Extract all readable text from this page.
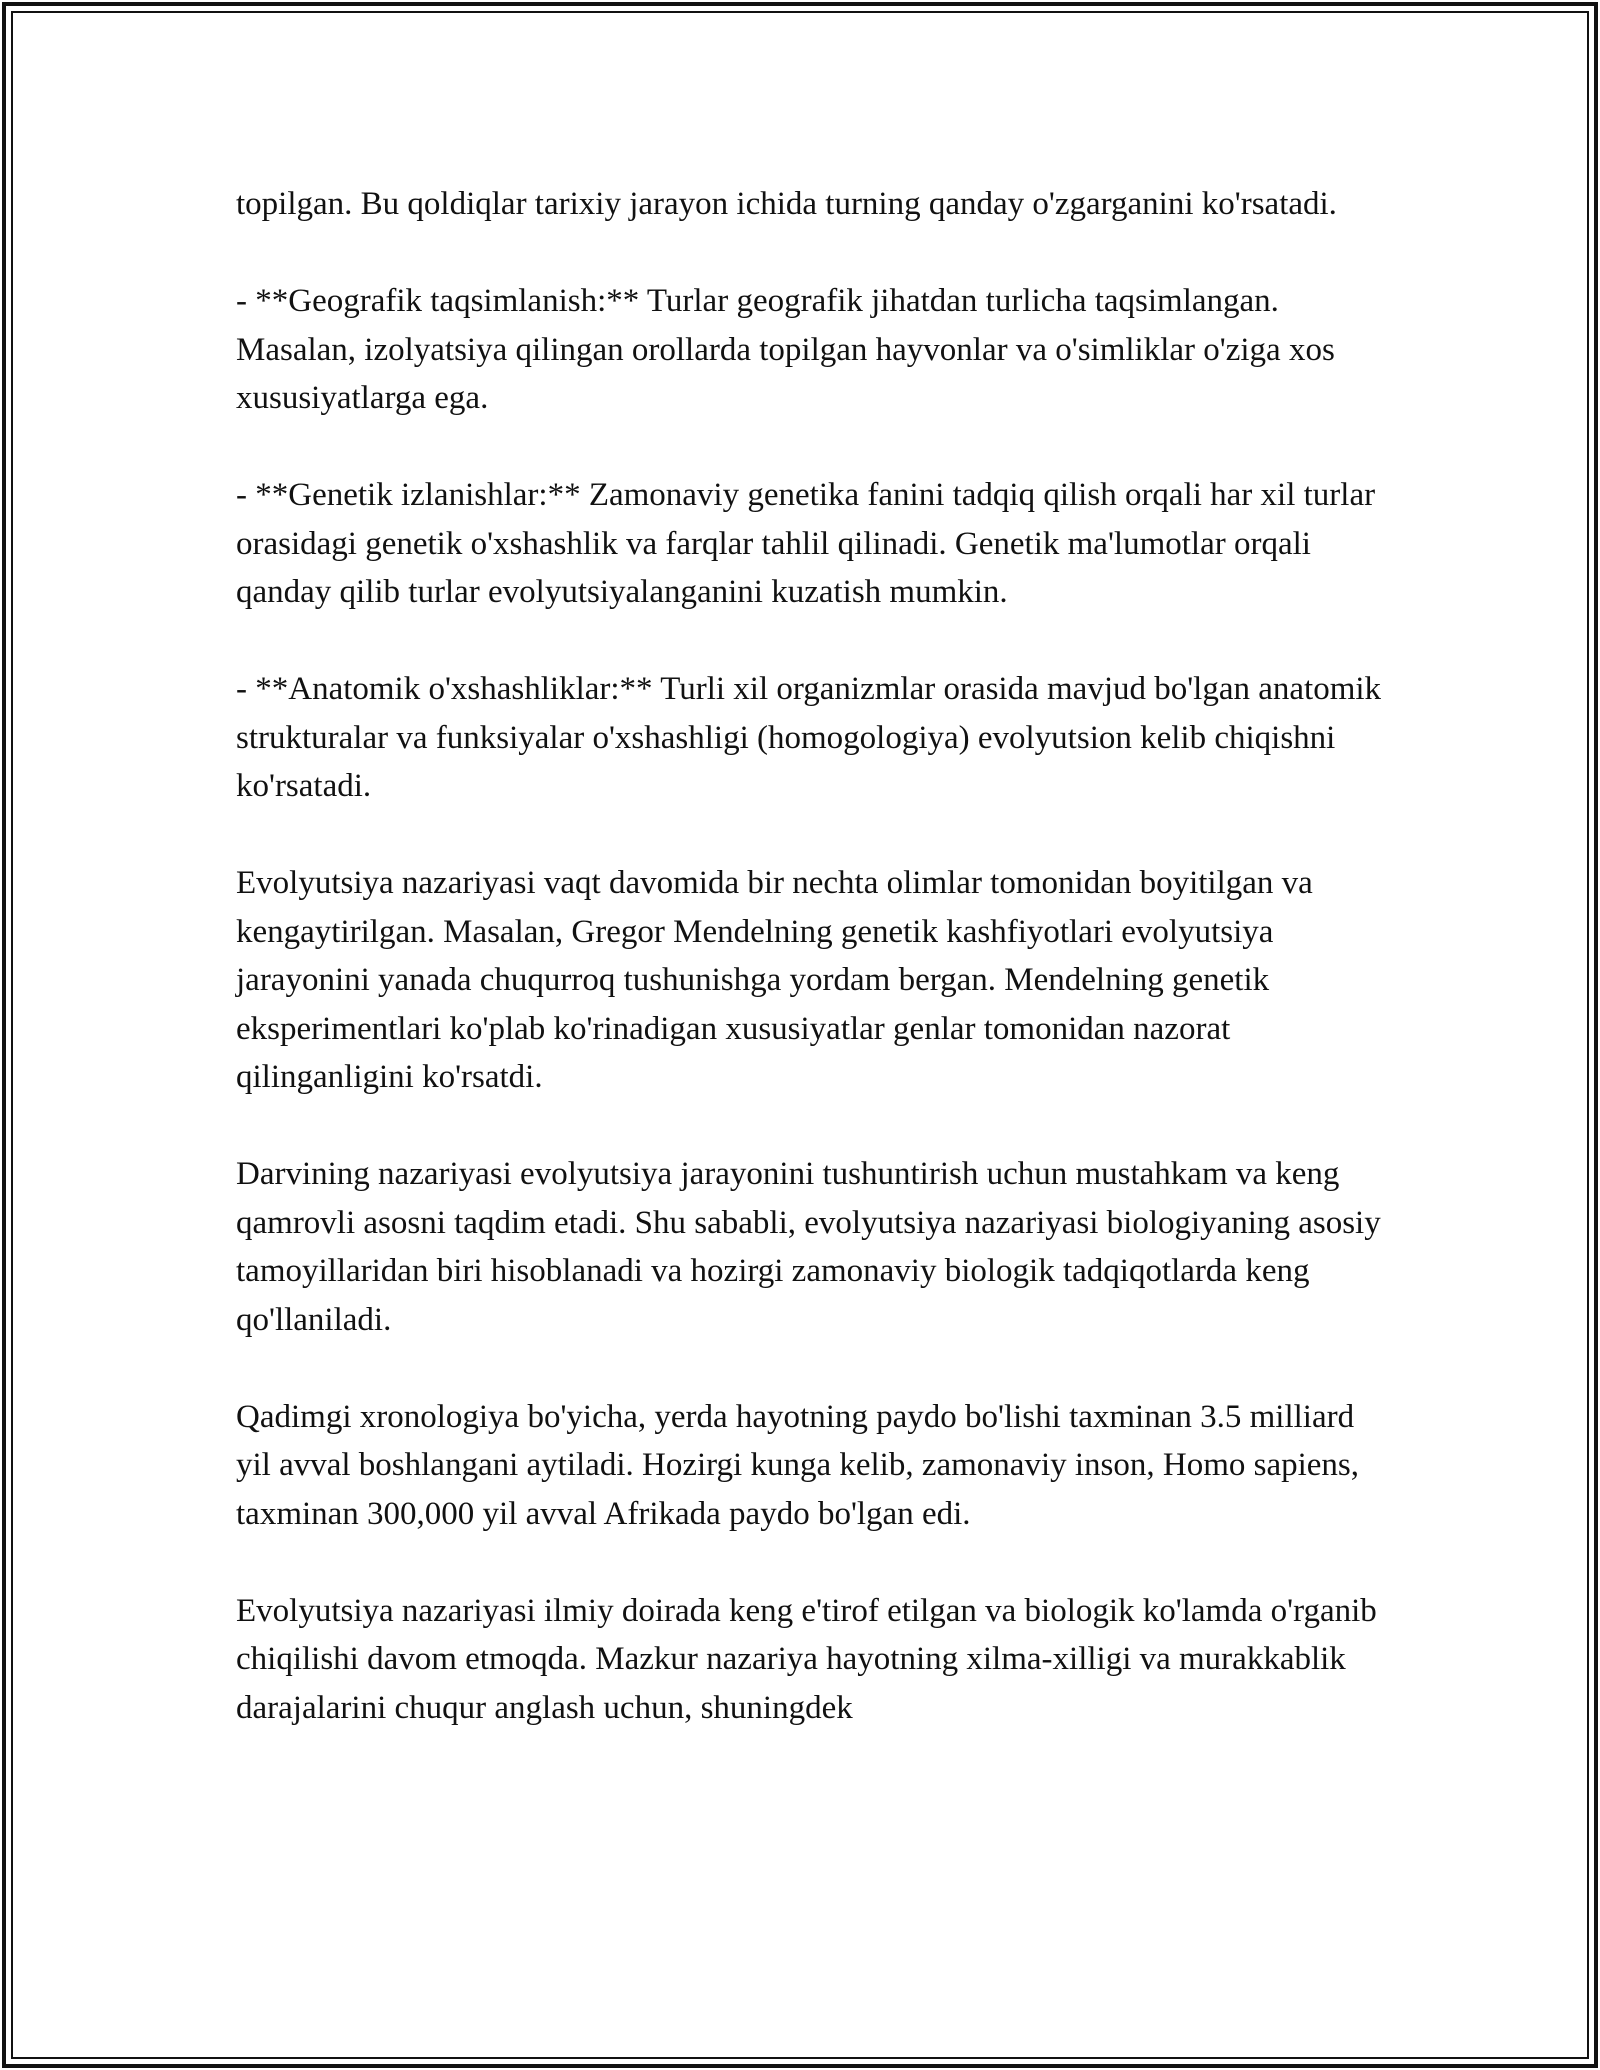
topilgan. Bu qoldiqlar tarixiy jarayon ichida turning qanday o'zgarganini ko'rsatadi.

- **Geografik taqsimlanish:** Turlar geografik jihatdan turlicha taqsimlangan. Masalan, izolyatsiya qilingan orollarda topilgan hayvonlar va o'simliklar o'ziga xos xususiyatlarga ega.

- **Genetik izlanishlar:** Zamonaviy genetika fanini tadqiq qilish orqali har xil turlar orasidagi genetik o'xshashlik va farqlar tahlil qilinadi. Genetik ma'lumotlar orqali qanday qilib turlar evolyutsiyalanganini kuzatish mumkin.

- **Anatomik o'xshashliklar:** Turli xil organizmlar orasida mavjud bo'lgan anatomik strukturalar va funksiyalar o'xshashligi (homogologiya) evolyutsion kelib chiqishni ko'rsatadi.

Evolyutsiya nazariyasi vaqt davomida bir nechta olimlar tomonidan boyitilgan va kengaytirilgan. Masalan, Gregor Mendelning genetik kashfiyotlari evolyutsiya jarayonini yanada chuqurroq tushunishga yordam bergan. Mendelning genetik eksperimentlari ko'plab ko'rinadigan xususiyatlar genlar tomonidan nazorat qilinganligini ko'rsatdi.

Darvining nazariyasi evolyutsiya jarayonini tushuntirish uchun mustahkam va keng qamrovli asosni taqdim etadi. Shu sababli, evolyutsiya nazariyasi biologiyaning asosiy tamoyillaridan biri hisoblanadi va hozirgi zamonaviy biologik tadqiqotlarda keng qo'llaniladi.

Qadimgi xronologiya bo'yicha, yerda hayotning paydo bo'lishi taxminan 3.5 milliard yil avval boshlangani aytiladi. Hozirgi kunga kelib, zamonaviy inson, Homo sapiens, taxminan 300,000 yil avval Afrikada paydo bo'lgan edi.

Evolyutsiya nazariyasi ilmiy doirada keng e'tirof etilgan va biologik ko'lamda o'rganib chiqilishi davom etmoqda. Mazkur nazariya hayotning xilma-xilligi va murakkablik darajalarini chuqur anglash uchun, shuningdek
